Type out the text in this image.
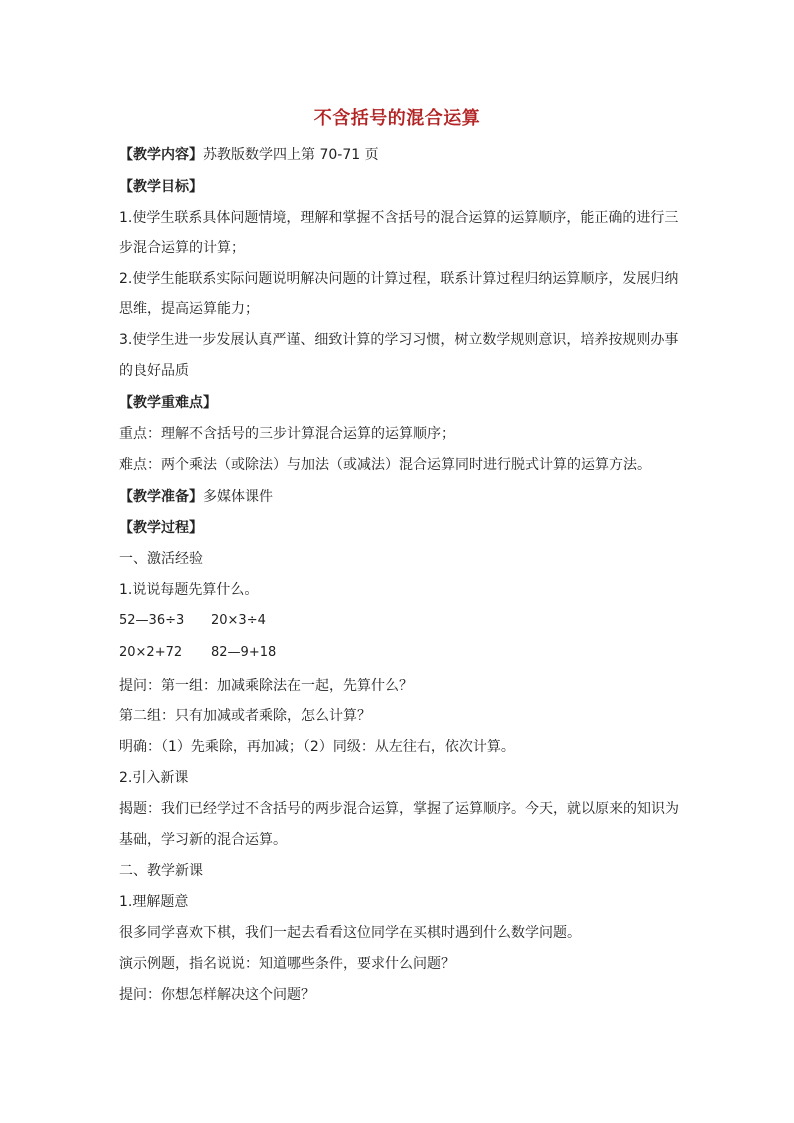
不含括号的混合运算
【教学内容】苏教版数学四上第 70-71 页
【教学目标】
1.使学生联系具体问题情境，理解和掌握不含括号的混合运算的运算顺序，能正确的进行三
步混合运算的计算；
2.使学生能联系实际问题说明解决问题的计算过程，联系计算过程归纳运算顺序，发展归纳
思维，提高运算能力；
3.使学生进一步发展认真严谨、细致计算的学习习惯，树立数学规则意识，培养按规则办事
的良好品质
【教学重难点】
重点：理解不含括号的三步计算混合运算的运算顺序；
难点：两个乘法（或除法）与加法（或减法）混合运算同时进行脱式计算的运算方法。
【教学准备】多媒体课件
【教学过程】
一、激活经验
1.说说每题先算什么。
52—36÷3 20×3÷4
20×2+72 82—9+18
提问：第一组：加减乘除法在一起，先算什么？
第二组：只有加减或者乘除，怎么计算？
明确：（1）先乘除，再加减；（2）同级：从左往右，依次计算。
2.引入新课
揭题：我们已经学过不含括号的两步混合运算，掌握了运算顺序。今天，就以原来的知识为
基础，学习新的混合运算。
二、教学新课
1.理解题意
很多同学喜欢下棋，我们一起去看看这位同学在买棋时遇到什么数学问题。
演示例题，指名说说：知道哪些条件，要求什么问题？
提问：你想怎样解决这个问题？
